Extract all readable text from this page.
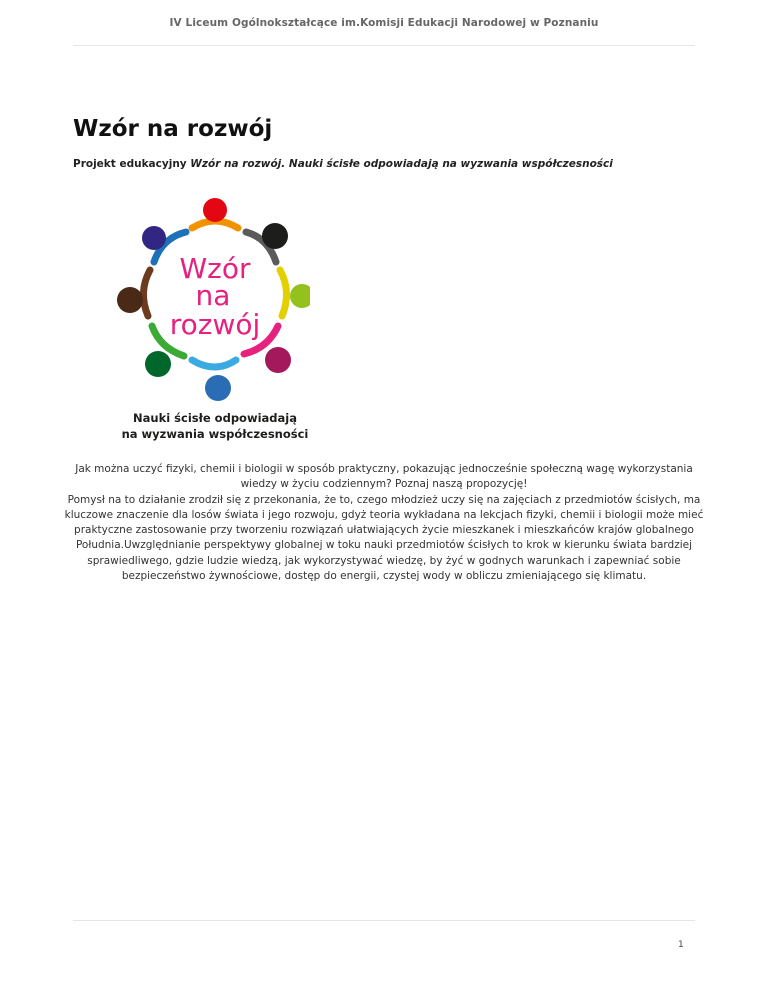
IV Liceum Ogólnokształcące im.Komisji Edukacji Narodowej w Poznaniu
Wzór na rozwój
Projekt edukacyjny Wzór na rozwój. Nauki ścisłe odpowiadają na wyzwania współczesności
Wzór
na
rozwój
Nauki ścisłe odpowiadają
na wyzwania współczesności

Jak można uczyć fizyki, chemii i biologii w sposób praktyczny, pokazując jednocześnie społeczną wagę wykorzystania wiedzy w życiu codziennym? Poznaj naszą propozycję!

Pomysł na to działanie zrodził się z przekonania, że to, czego młodzież uczy się na zajęciach z przedmiotów ścisłych, ma kluczowe znaczenie dla losów świata i jego rozwoju, gdyż teoria wykładana na lekcjach fizyki, chemii i biologii może mieć praktyczne zastosowanie przy tworzeniu rozwiązań ułatwiających życie mieszkanek i mieszkańców krajów globalnego Południa.Uwzględnianie perspektywy globalnej w toku nauki przedmiotów ścisłych to krok w kierunku świata bardziej sprawiedliwego, gdzie ludzie wiedzą, jak wykorzystywać wiedzę, by żyć w godnych warunkach i zapewniać sobie bezpieczeństwo żywnościowe, dostęp do energii, czystej wody w obliczu zmieniającego się klimatu.

1
